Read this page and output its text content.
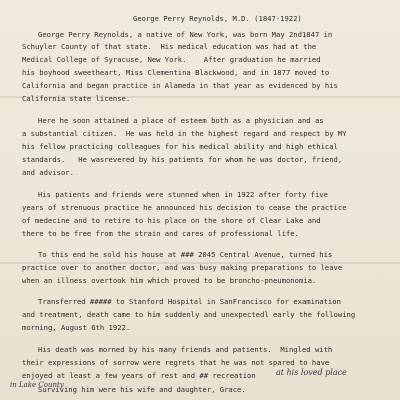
George Perry Reynolds, M.D. (1847-1922)
George Perry Reynolds, a native of New York, was born May 2nd1847 in
Schuyler County of that state.  His medical education was had at the
Medical College of Syracuse, New York.    After graduation he married
his boyhood sweetheart, Miss Clementina Blackwood, and in 1877 moved to
California and began practice in Alameda in that year as evidenced by his
California state license.
Here he soon attained a place of esteem both as a physician and as
a substantial citizen.  He was held in the highest regard and respect by MY
his fellow practicing colleagues for his medical ability and high ethical
standards.   He wasrevered by his patients for whom he was doctor, friend,
and advisor.
His patients and friends were stunned when in 1922 after forty five
years of strenuous practice he announced his decision to cease the practice
of medecine and to retire to his place on the shore of Clear Lake and
there to be free from the strain and cares of professional life.
To this end he sold his house at ### 2045 Central Avenue, turned his
practice over to another doctor, and was busy making preparations to leave
when an illness overtook him which proved to be broncho-pneumonomia.
Transferred ##### to Stanford Hospital in SanFrancisco for examination
and treatment, death came to him suddenly and unexpectedl early the following
morning, August 6th 1922.
His death was morned by his many friends and patients.  Mingled with
their expressions of sorrow were regrets that he was not spared to have
enjoyed at least a few years of rest and ## recreation	at his loved place
in Lake County
Surviving him were his wife and daughter, Grace.
